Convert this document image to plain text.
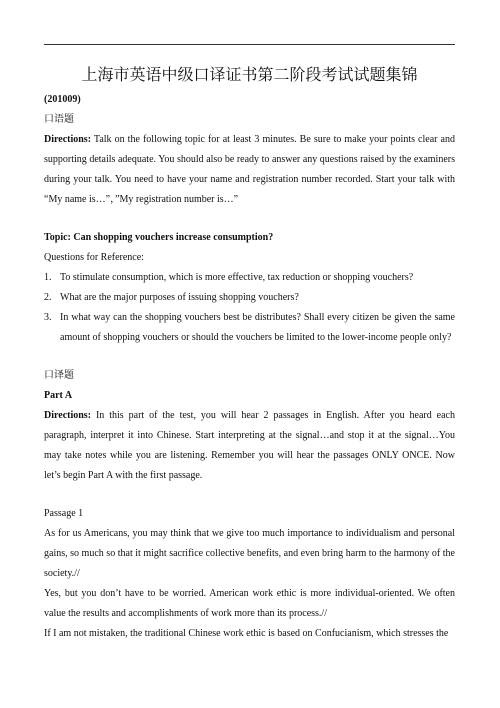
上海市英语中级口译证书第二阶段考试试题集锦
(201009)
口语题

Directions: Talk on the following topic for at least 3 minutes. Be sure to make your points clear and supporting details adequate. You should also be ready to answer any questions raised by the examiners during your talk. You need to have your name and registration number recorded. Start your talk with “My name is…”，”My registration number is…”

Topic: Can shopping vouchers increase consumption?
Questions for Reference:
1. To stimulate consumption, which is more effective, tax reduction or shopping vouchers?
2. What are the major purposes of issuing shopping vouchers?
3. In what way can the shopping vouchers best be distributes? Shall every citizen be given the same amount of shopping vouchers or should the vouchers be limited to the lower-income people only?
口译题
Part A

Directions: In this part of the test, you will hear 2 passages in English. After you heard each paragraph, interpret it into Chinese. Start interpreting at the signal…and stop it at the signal…You may take notes while you are listening. Remember you will hear the passages ONLY ONCE. Now let’s begin Part A with the first passage.

Passage 1

As for us Americans, you may think that we give too much importance to individualism and personal gains, so much so that it might sacrifice collective benefits, and even bring harm to the harmony of the society.//

Yes, but you don’t have to be worried. American work ethic is more individual-oriented. We often value the results and accomplishments of work more than its process.//

If I am not mistaken, the traditional Chinese work ethic is based on Confucianism, which stresses the
